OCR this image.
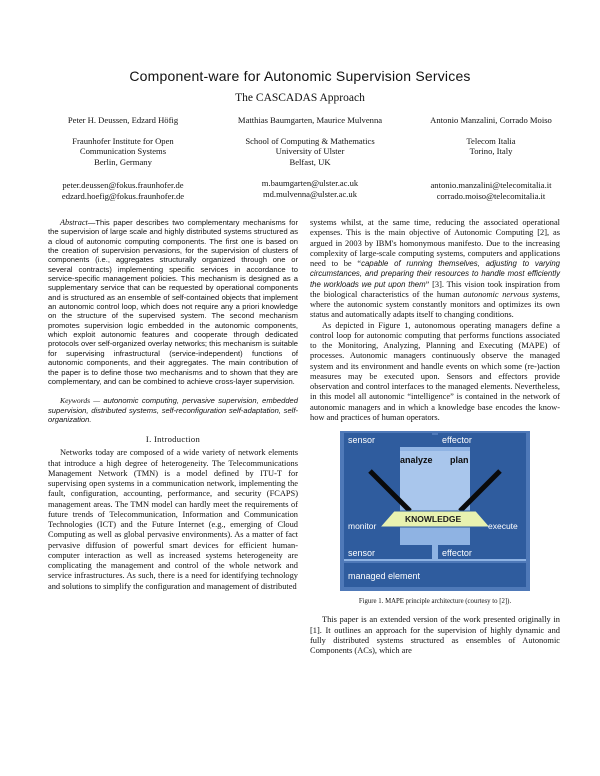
Component-ware for Autonomic Supervision Services
The CASCADAS Approach
Peter H. Deussen, Edzard Höfig
Fraunhofer Institute for Open
Communication Systems
Berlin, Germany
Matthias Baumgarten, Maurice Mulvenna
School of Computing & Mathematics
University of Ulster
Belfast, UK
Antonio Manzalini, Corrado Moiso
Telecom Italia
Torino, Italy
peter.deussen@fokus.fraunhofer.de
edzard.hoefig@fokus.fraunhofer.de
m.baumgarten@ulster.ac.uk
md.mulvenna@ulster.ac.uk
antonio.manzalini@telecomitalia.it
corrado.moiso@telecomitalia.it
Abstract—This paper describes two complementary mechanisms for the supervision of large scale and highly distributed systems structured as a cloud of autonomic computing components. The first one is based on the creation of supervision pervasions, for the supervision of clusters of components (i.e., aggregates structurally organized through one or several contracts) implementing specific services in accordance to service-specific management policies. This mechanism is designed as a supplementary service that can be requested by operational components and is structured as an ensemble of self-contained objects that implement an autonomic control loop, which does not require any a priori knowledge on the structure of the supervised system. The second mechanism promotes supervision logic embedded in the autonomic components, which exploit autonomic features and cooperate through dedicated protocols over self-organized overlay networks; this mechanism is suitable for supervising infrastructural (service-independent) functions of autonomic components, and their aggregates. The main contribution of the paper is to define those two mechanisms and to shown that they are complementary, and can be combined to achieve cross-layer supervision.
Keywords — autonomic computing, pervasive supervision, embedded supervision, distributed systems, self-reconfiguration self-adaptation, self-organization.
I. Introduction

Networks today are composed of a wide variety of network elements that introduce a high degree of heterogeneity. The Telecommunications Management Network (TMN) is a model defined by ITU-T for supervising open systems in a communication network, implementing the fault, configuration, accounting, performance, and security (FCAPS) management areas. The TMN model can hardly meet the requirements of future trends of Telecommunication, Information and Communication Technologies (ICT) and the Future Internet (e.g., emerging of Cloud Computing as well as global pervasive environments). As a matter of fact pervasive diffusion of powerful smart devices for efficient human-computer interaction as well as increased systems heterogeneity are complicating the management and control of the whole network and service infrastructures. As such, there is a need for identifying technology and solutions to simplify the configuration and management of distributed

systems whilst, at the same time, reducing the associated operational expenses. This is the main objective of Autonomic Computing [2], as argued in 2003 by IBM's homonymous manifesto. Due to the increasing complexity of large-scale computing systems, computers and applications need to be “capable of running themselves, adjusting to varying circumstances, and preparing their resources to handle most efficiently the workloads we put upon them” [3]. This vision took inspiration from the biological characteristics of the human autonomic nervous systems, where the autonomic system constantly monitors and optimizes its own status and automatically adapts itself to changing conditions.

As depicted in Figure 1, autonomous operating managers define a control loop for autonomic computing that performs functions associated to the Monitoring, Analyzing, Planning and Executing (MAPE) of processes. Autonomic managers continuously observe the managed system and its environment and handle events on which some (re-)action measures may be executed upon. Sensors and effectors provide observation and control interfaces to the managed elements. Nevertheless, in this model all autonomic “intelligence” is contained in the network of autonomic managers and in which a knowledge base encodes the know-how and practices of human operators.

sensor	effector
analyze plan
KNOWLEDGE
monitor	execute
sensor	effector
managed element
Figure 1. MAPE principle architecture (courtesy to [2]).

This paper is an extended version of the work presented originally in [1]. It outlines an approach for the supervision of highly dynamic and fully distributed systems structured as ensembles of Autonomic Components (ACs), which are
